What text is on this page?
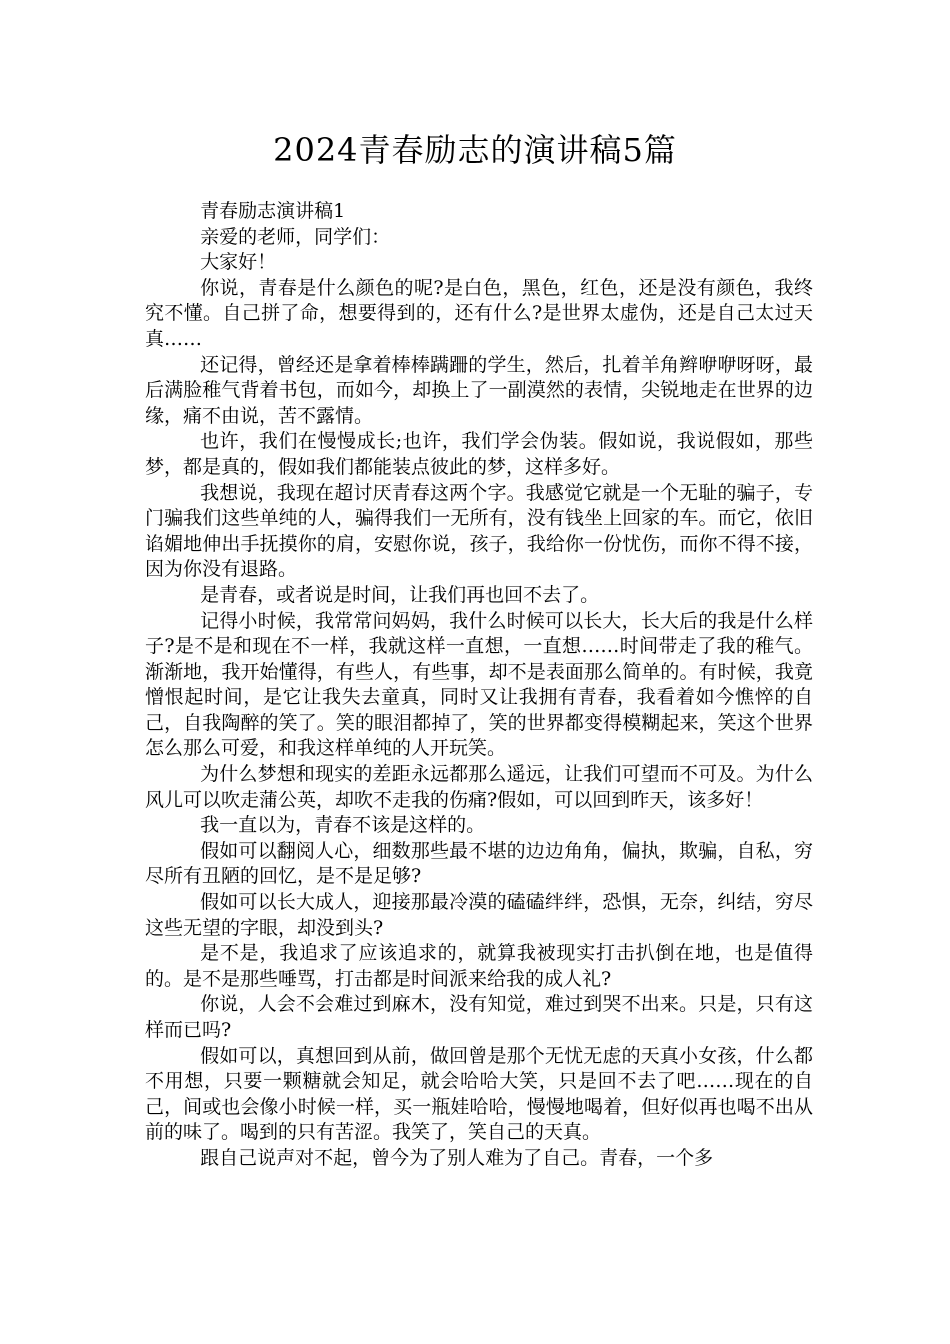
2024青春励志的演讲稿5篇

青春励志演讲稿1

亲爱的老师，同学们：

大家好！

你说，青春是什么颜色的呢?是白色，黑色，红色，还是没有颜色，我终究不懂。自己拼了命，想要得到的，还有什么?是世界太虚伪，还是自己太过天真……

还记得，曾经还是拿着棒棒蹒跚的学生，然后，扎着羊角辫咿咿呀呀，最后满脸稚气背着书包，而如今，却换上了一副漠然的表情，尖锐地走在世界的边缘，痛不由说，苦不露情。

也许，我们在慢慢成长;也许，我们学会伪装。假如说，我说假如，那些梦，都是真的，假如我们都能装点彼此的梦，这样多好。

我想说，我现在超讨厌青春这两个字。我感觉它就是一个无耻的骗子，专门骗我们这些单纯的人，骗得我们一无所有，没有钱坐上回家的车。而它，依旧谄媚地伸出手抚摸你的肩，安慰你说，孩子，我给你一份忧伤，而你不得不接，因为你没有退路。

是青春，或者说是时间，让我们再也回不去了。

记得小时候，我常常问妈妈，我什么时候可以长大，长大后的我是什么样子?是不是和现在不一样，我就这样一直想，一直想……时间带走了我的稚气。渐渐地，我开始懂得，有些人，有些事，却不是表面那么简单的。有时候，我竟憎恨起时间，是它让我失去童真，同时又让我拥有青春，我看着如今憔悴的自己，自我陶醉的笑了。笑的眼泪都掉了，笑的世界都变得模糊起来，笑这个世界怎么那么可爱，和我这样单纯的人开玩笑。

为什么梦想和现实的差距永远都那么遥远，让我们可望而不可及。为什么风儿可以吹走蒲公英，却吹不走我的伤痛?假如，可以回到昨天，该多好！

我一直以为，青春不该是这样的。

假如可以翻阅人心，细数那些最不堪的边边角角，偏执，欺骗，自私，穷尽所有丑陋的回忆，是不是足够?

假如可以长大成人，迎接那最冷漠的磕磕绊绊，恐惧，无奈，纠结，穷尽这些无望的字眼，却没到头?

是不是，我追求了应该追求的，就算我被现实打击扒倒在地，也是值得的。是不是那些唾骂，打击都是时间派来给我的成人礼?

你说，人会不会难过到麻木，没有知觉，难过到哭不出来。只是，只有这样而已吗?

假如可以，真想回到从前，做回曾是那个无忧无虑的天真小女孩，什么都不用想，只要一颗糖就会知足，就会哈哈大笑，只是回不去了吧……现在的自己，间或也会像小时候一样，买一瓶娃哈哈，慢慢地喝着，但好似再也喝不出从前的味了。喝到的只有苦涩。我笑了，笑自己的天真。

跟自己说声对不起，曾今为了别人难为了自己。青春，一个多
